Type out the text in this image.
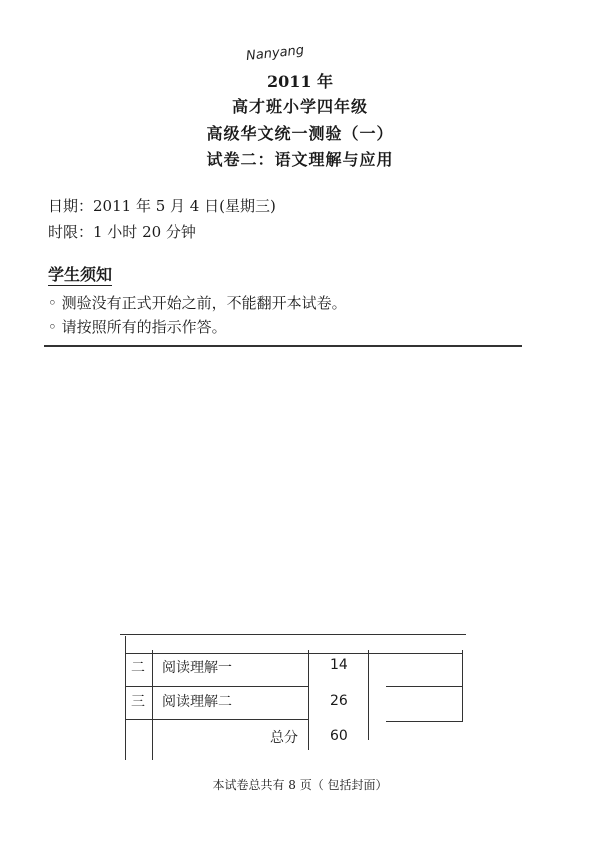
Nanyang
2011 年
高才班小学四年级
高级华文统一测验（一）
试卷二：语文理解与应用
日期：2011 年 5 月 4 日(星期三)
时限：1 小时 20 分钟
学生须知
◦ 测验没有正式开始之前，不能翻开本试卷。
◦ 请按照所有的指示作答。
二 阅读理解一	14
三 阅读理解二	26
总分 60
本试卷总共有 8 页（ 包括封面）
